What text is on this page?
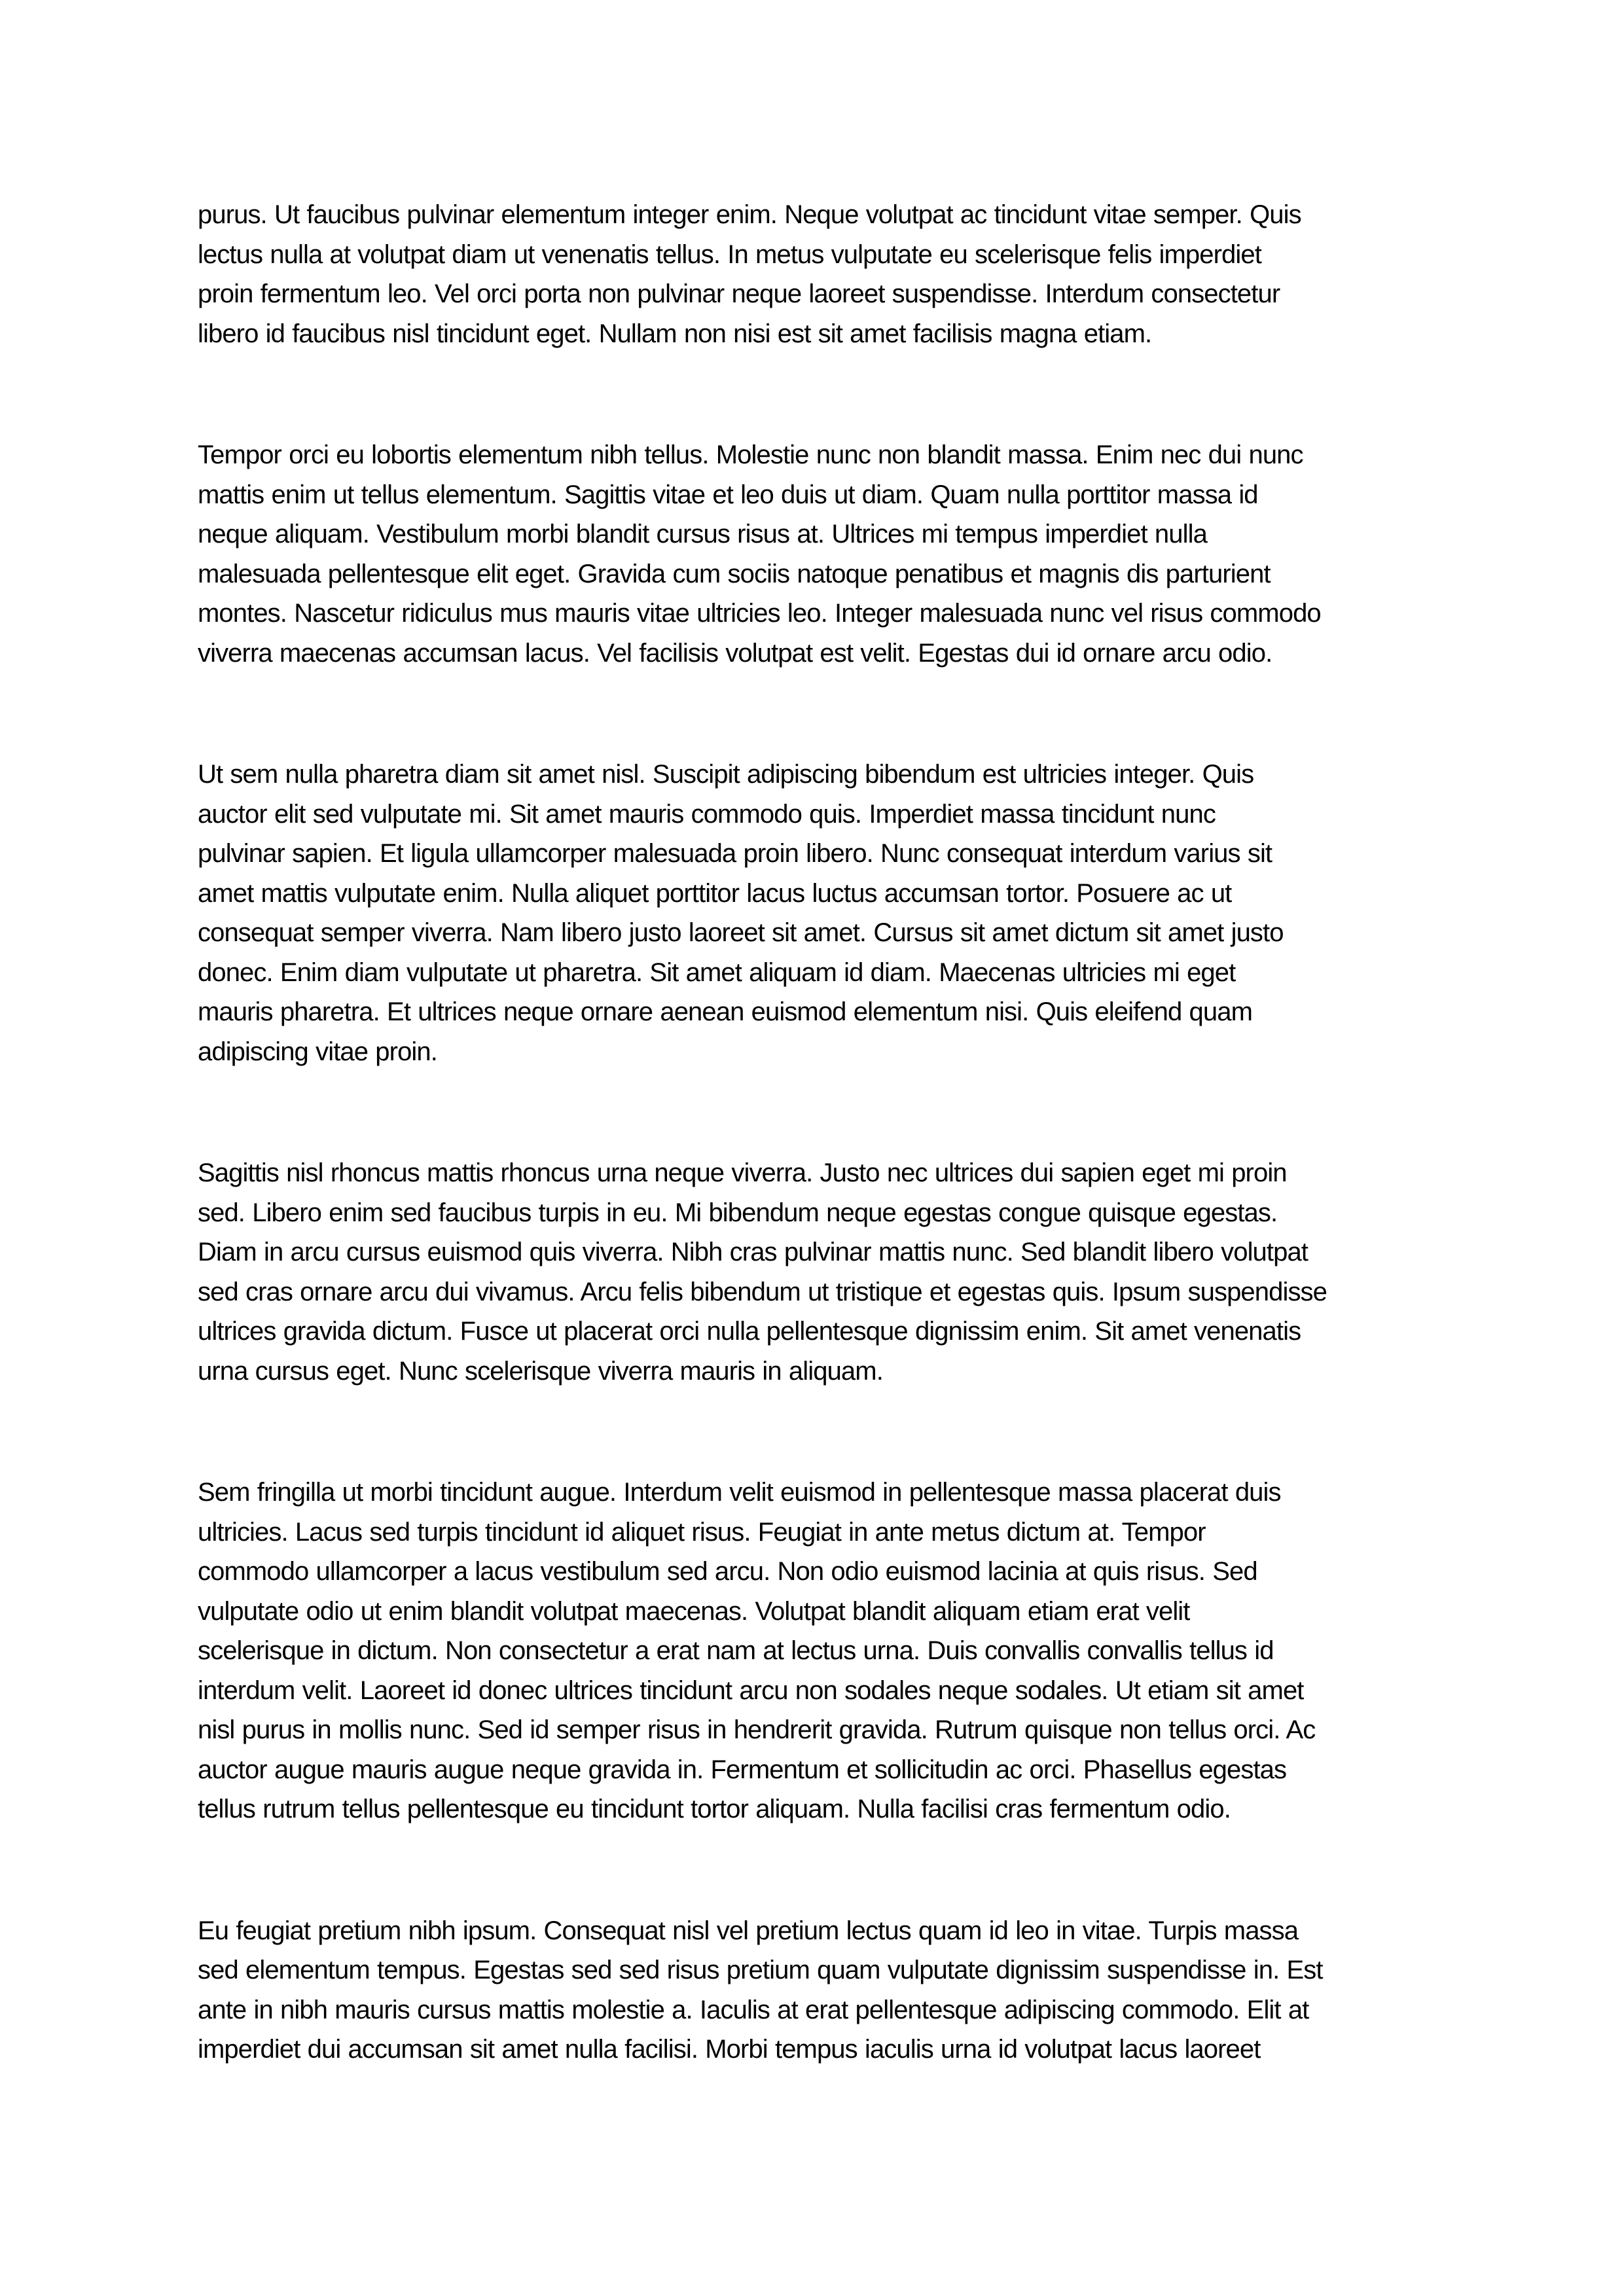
purus. Ut faucibus pulvinar elementum integer enim. Neque volutpat ac tincidunt vitae semper. Quis
lectus nulla at volutpat diam ut venenatis tellus. In metus vulputate eu scelerisque felis imperdiet
proin fermentum leo. Vel orci porta non pulvinar neque laoreet suspendisse. Interdum consectetur
libero id faucibus nisl tincidunt eget. Nullam non nisi est sit amet facilisis magna etiam.

Tempor orci eu lobortis elementum nibh tellus. Molestie nunc non blandit massa. Enim nec dui nunc
mattis enim ut tellus elementum. Sagittis vitae et leo duis ut diam. Quam nulla porttitor massa id
neque aliquam. Vestibulum morbi blandit cursus risus at. Ultrices mi tempus imperdiet nulla
malesuada pellentesque elit eget. Gravida cum sociis natoque penatibus et magnis dis parturient
montes. Nascetur ridiculus mus mauris vitae ultricies leo. Integer malesuada nunc vel risus commodo
viverra maecenas accumsan lacus. Vel facilisis volutpat est velit. Egestas dui id ornare arcu odio.

Ut sem nulla pharetra diam sit amet nisl. Suscipit adipiscing bibendum est ultricies integer. Quis
auctor elit sed vulputate mi. Sit amet mauris commodo quis. Imperdiet massa tincidunt nunc
pulvinar sapien. Et ligula ullamcorper malesuada proin libero. Nunc consequat interdum varius sit
amet mattis vulputate enim. Nulla aliquet porttitor lacus luctus accumsan tortor. Posuere ac ut
consequat semper viverra. Nam libero justo laoreet sit amet. Cursus sit amet dictum sit amet justo
donec. Enim diam vulputate ut pharetra. Sit amet aliquam id diam. Maecenas ultricies mi eget
mauris pharetra. Et ultrices neque ornare aenean euismod elementum nisi. Quis eleifend quam
adipiscing vitae proin.

Sagittis nisl rhoncus mattis rhoncus urna neque viverra. Justo nec ultrices dui sapien eget mi proin
sed. Libero enim sed faucibus turpis in eu. Mi bibendum neque egestas congue quisque egestas.
Diam in arcu cursus euismod quis viverra. Nibh cras pulvinar mattis nunc. Sed blandit libero volutpat
sed cras ornare arcu dui vivamus. Arcu felis bibendum ut tristique et egestas quis. Ipsum suspendisse
ultrices gravida dictum. Fusce ut placerat orci nulla pellentesque dignissim enim. Sit amet venenatis
urna cursus eget. Nunc scelerisque viverra mauris in aliquam.

Sem fringilla ut morbi tincidunt augue. Interdum velit euismod in pellentesque massa placerat duis
ultricies. Lacus sed turpis tincidunt id aliquet risus. Feugiat in ante metus dictum at. Tempor
commodo ullamcorper a lacus vestibulum sed arcu. Non odio euismod lacinia at quis risus. Sed
vulputate odio ut enim blandit volutpat maecenas. Volutpat blandit aliquam etiam erat velit
scelerisque in dictum. Non consectetur a erat nam at lectus urna. Duis convallis convallis tellus id
interdum velit. Laoreet id donec ultrices tincidunt arcu non sodales neque sodales. Ut etiam sit amet
nisl purus in mollis nunc. Sed id semper risus in hendrerit gravida. Rutrum quisque non tellus orci. Ac
auctor augue mauris augue neque gravida in. Fermentum et sollicitudin ac orci. Phasellus egestas
tellus rutrum tellus pellentesque eu tincidunt tortor aliquam. Nulla facilisi cras fermentum odio.

Eu feugiat pretium nibh ipsum. Consequat nisl vel pretium lectus quam id leo in vitae. Turpis massa
sed elementum tempus. Egestas sed sed risus pretium quam vulputate dignissim suspendisse in. Est
ante in nibh mauris cursus mattis molestie a. Iaculis at erat pellentesque adipiscing commodo. Elit at
imperdiet dui accumsan sit amet nulla facilisi. Morbi tempus iaculis urna id volutpat lacus laoreet
